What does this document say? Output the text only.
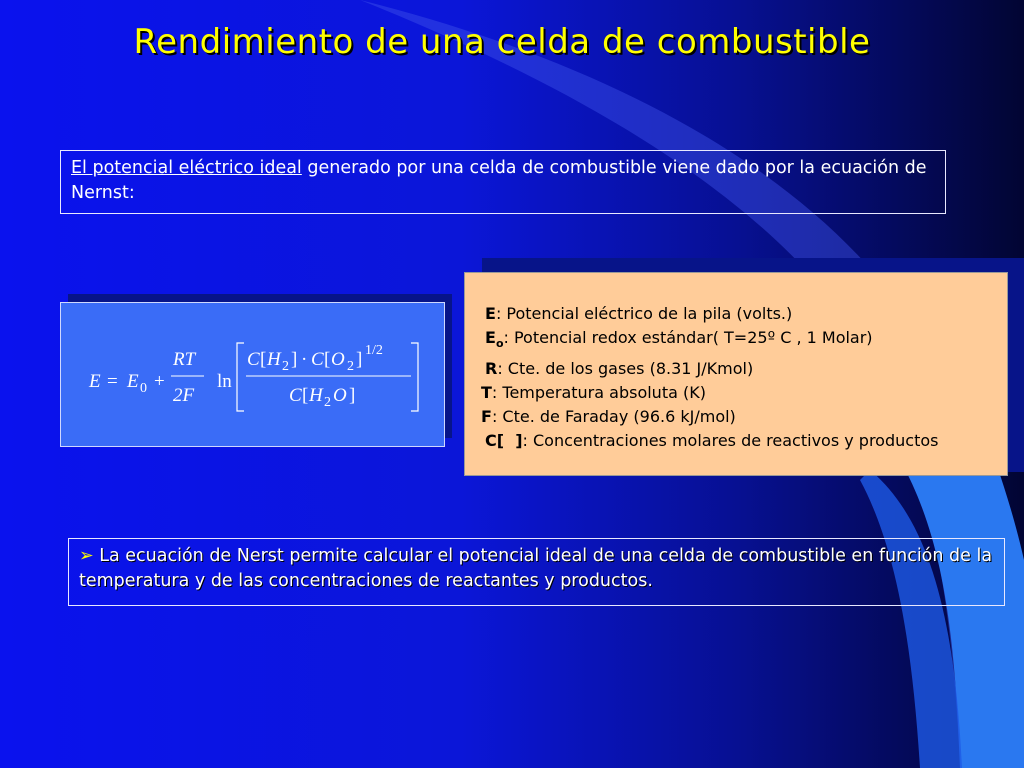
Rendimiento de una celda de combustible
El potencial eléctrico ideal generado por una celda de combustible viene dado por la ecuación de Nernst:
E = E 0 +
RT
2F
ln
C [ H 2 ] · C [ O 2 ] 1/2
C [ H 2 O ]
E: Potencial eléctrico de la pila (volts.)
$E_o$: Potencial redox estándar( T=25º C , 1 Molar)
R: Cte. de los gases (8.31 J/Kmol)
T: Temperatura absoluta (K)
F: Cte. de Faraday (96.6 kJ/mol)
C[  ]: Concentraciones molares de reactivos y productos
➢ La ecuación de Nerst permite calcular el potencial ideal de una celda de combustible en función de la temperatura y de las concentraciones de reactantes y productos.
